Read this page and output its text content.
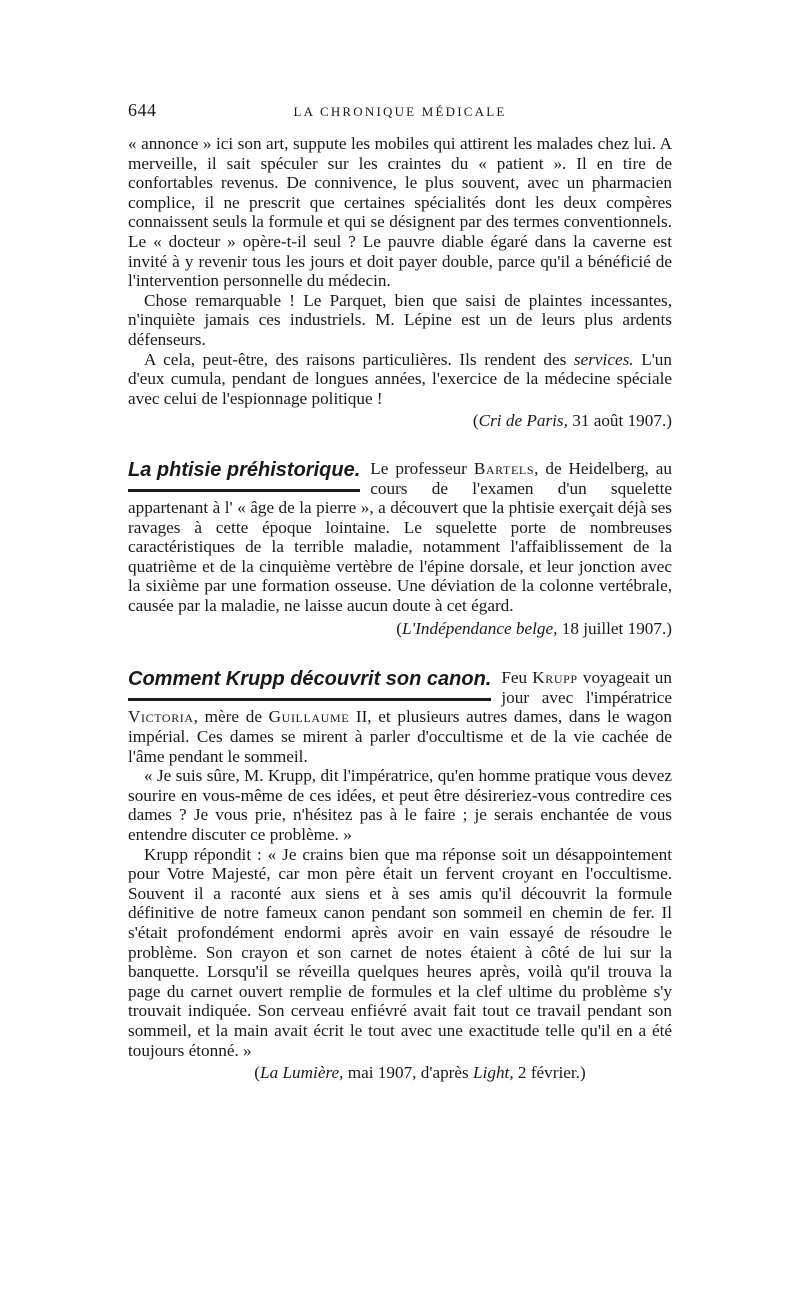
644	LA CHRONIQUE MÉDICALE

« annonce » ici son art, suppute les mobiles qui attirent les malades chez lui. A merveille, il sait spéculer sur les craintes du « patient ». Il en tire de confortables revenus. De connivence, le plus souvent, avec un pharmacien complice, il ne prescrit que certaines spécialités dont les deux compères connaissent seuls la formule et qui se désignent par des termes conventionnels. Le « docteur » opère-t-il seul ? Le pauvre diable égaré dans la caverne est invité à y revenir tous les jours et doit payer double, parce qu'il a bénéficié de l'intervention personnelle du médecin.

Chose remarquable ! Le Parquet, bien que saisi de plaintes incessantes, n'inquiète jamais ces industriels. M. Lépine est un de leurs plus ardents défenseurs.

A cela, peut-être, des raisons particulières. Ils rendent des services. L'un d'eux cumula, pendant de longues années, l'exercice de la médecine spéciale avec celui de l'espionnage politique !

(Cri de Paris, 31 août 1907.)
La phtisie préhistorique. Le professeur Bartels, de Heidelberg, au cours de l'examen d'un squelette appartenant à l' « âge de la pierre », a découvert que la phtisie exerçait déjà ses ravages à cette époque lointaine. Le squelette porte de nombreuses caractéristiques de la terrible maladie, notamment l'affaiblissement de la quatrième et de la cinquième vertèbre de l'épine dorsale, et leur jonction avec la sixième par une formation osseuse. Une déviation de la colonne vertébrale, causée par la maladie, ne laisse aucun doute à cet égard.

(L'Indépendance belge, 18 juillet 1907.)
Comment Krupp découvrit son canon. Feu Krupp voyageait un jour avec l'impératrice Victoria, mère de Guillaume II, et plusieurs autres dames, dans le wagon impérial. Ces dames se mirent à parler d'occultisme et de la vie cachée de l'âme pendant le sommeil.

« Je suis sûre, M. Krupp, dit l'impératrice, qu'en homme pratique vous devez sourire en vous-même de ces idées, et peut être désireriez-vous contredire ces dames ? Je vous prie, n'hésitez pas à le faire ; je serais enchantée de vous entendre discuter ce problème. »

Krupp répondit : « Je crains bien que ma réponse soit un désappointement pour Votre Majesté, car mon père était un fervent croyant en l'occultisme. Souvent il a raconté aux siens et à ses amis qu'il découvrit la formule définitive de notre fameux canon pendant son sommeil en chemin de fer. Il s'était profondément endormi après avoir en vain essayé de résoudre le problème. Son crayon et son carnet de notes étaient à côté de lui sur la banquette. Lorsqu'il se réveilla quelques heures après, voilà qu'il trouva la page du carnet ouvert remplie de formules et la clef ultime du problème s'y trouvait indiquée. Son cerveau enfiévré avait fait tout ce travail pendant son sommeil, et la main avait écrit le tout avec une exactitude telle qu'il en a été toujours étonné. »

(La Lumière, mai 1907, d'après Light, 2 février.)
